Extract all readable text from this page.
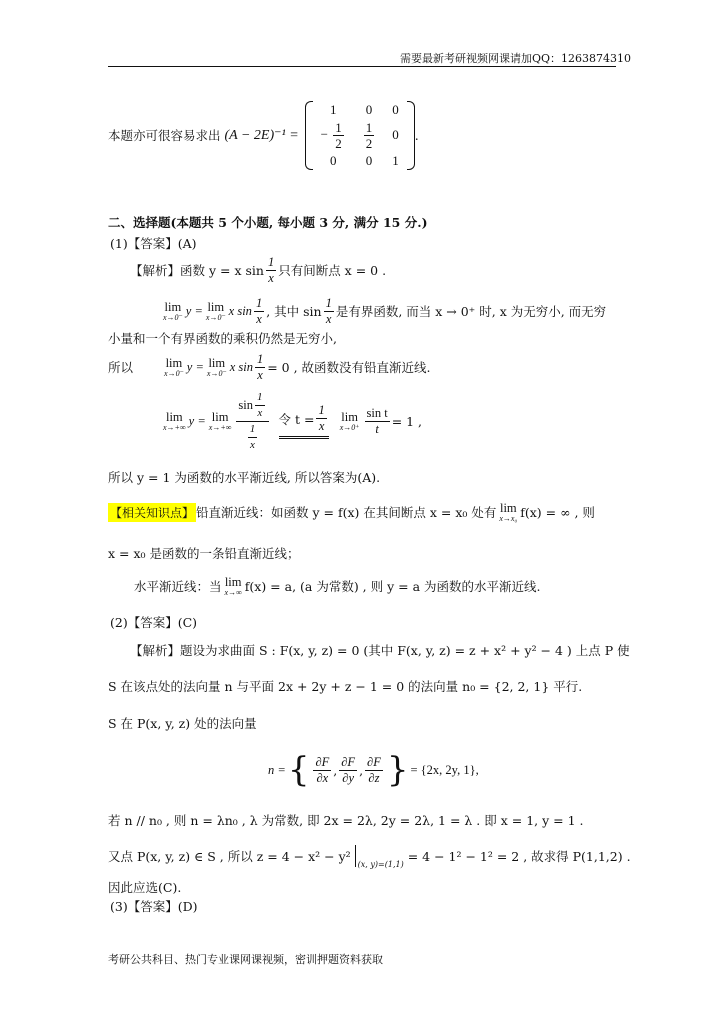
需要最新考研视频网课请加QQ：1263874310
本题亦可很容易求出 (A − 2E)⁻¹ =
1	0	0
− $\frac{1}{2}$	$\frac{1}{2}$	0
0	0	1
.
二、选择题(本题共 5 个小题, 每小题 3 分, 满分 15 分.)
(1)【答案】(A)
【解析】函数 y = x $\sin \frac{1}{x}$ 只有间断点 x = 0 .
lim
x→0⁻ y = lim
x→0⁻ x $\sin \frac{1}{x}$ , 其中 $\sin \frac{1}{x}$ 是有界函数, 而当 x → 0⁺ 时, x 为无穷小, 而无穷
小量和一个有界函数的乘积仍然是无穷小,
所以	lim
x→0⁻ y = lim
x→0⁻ x $\sin \frac{1}{x} = 0$ , 故函数没有铅直渐近线.
lim
x→+∞ y = lim
$x\to+\infty \frac{\sin \frac{1}{x}}{\frac{1}{x}}$ 令 $t = \frac{1}{x}$ lim
$x\to 0^+ \frac{\text{sin t}}{t} = 1$ ,
所以 y = 1 为函数的水平渐近线, 所以答案为(A).
【相关知识点】 铅直渐近线：如函数 y = f(x) 在其间断点 x = x₀ 处有 lim
x→x₀ f(x) = ∞ , 则
x = x₀ 是函数的一条铅直渐近线；
水平渐近线：当 lim
x→∞ f(x) = a, (a 为常数) , 则 y = a 为函数的水平渐近线.
(2)【答案】(C)
【解析】题设为求曲面 S : F(x, y, z) = 0 (其中 F(x, y, z) = z + x² + y² − 4 ) 上点 P 使
S 在该点处的法向量 n 与平面 2x + 2y + z − 1 = 0 的法向量 n₀ = {2, 2, 1} 平行.
S 在 P(x, y, z) 处的法向量
n = { $\frac{\partial F}{\partial x}$ , $\frac{\partial F}{\partial y}$ , $\frac{\partial F}{\partial z}$ } = {2x, 2y, 1},
若 n // n₀ , 则 n = λn₀ , λ 为常数, 即 2x = 2λ, 2y = 2λ, 1 = λ . 即 x = 1, y = 1 .
又点 P(x, y, z) ∈ S , 所以 z = 4 − x² − y²
(x, y)=(1,1)
= 4 − 1² − 1² = 2 , 故求得 P(1,1,2) .
因此应选(C).
(3)【答案】(D)
考研公共科目、热门专业课网课视频，密训押题资料获取
